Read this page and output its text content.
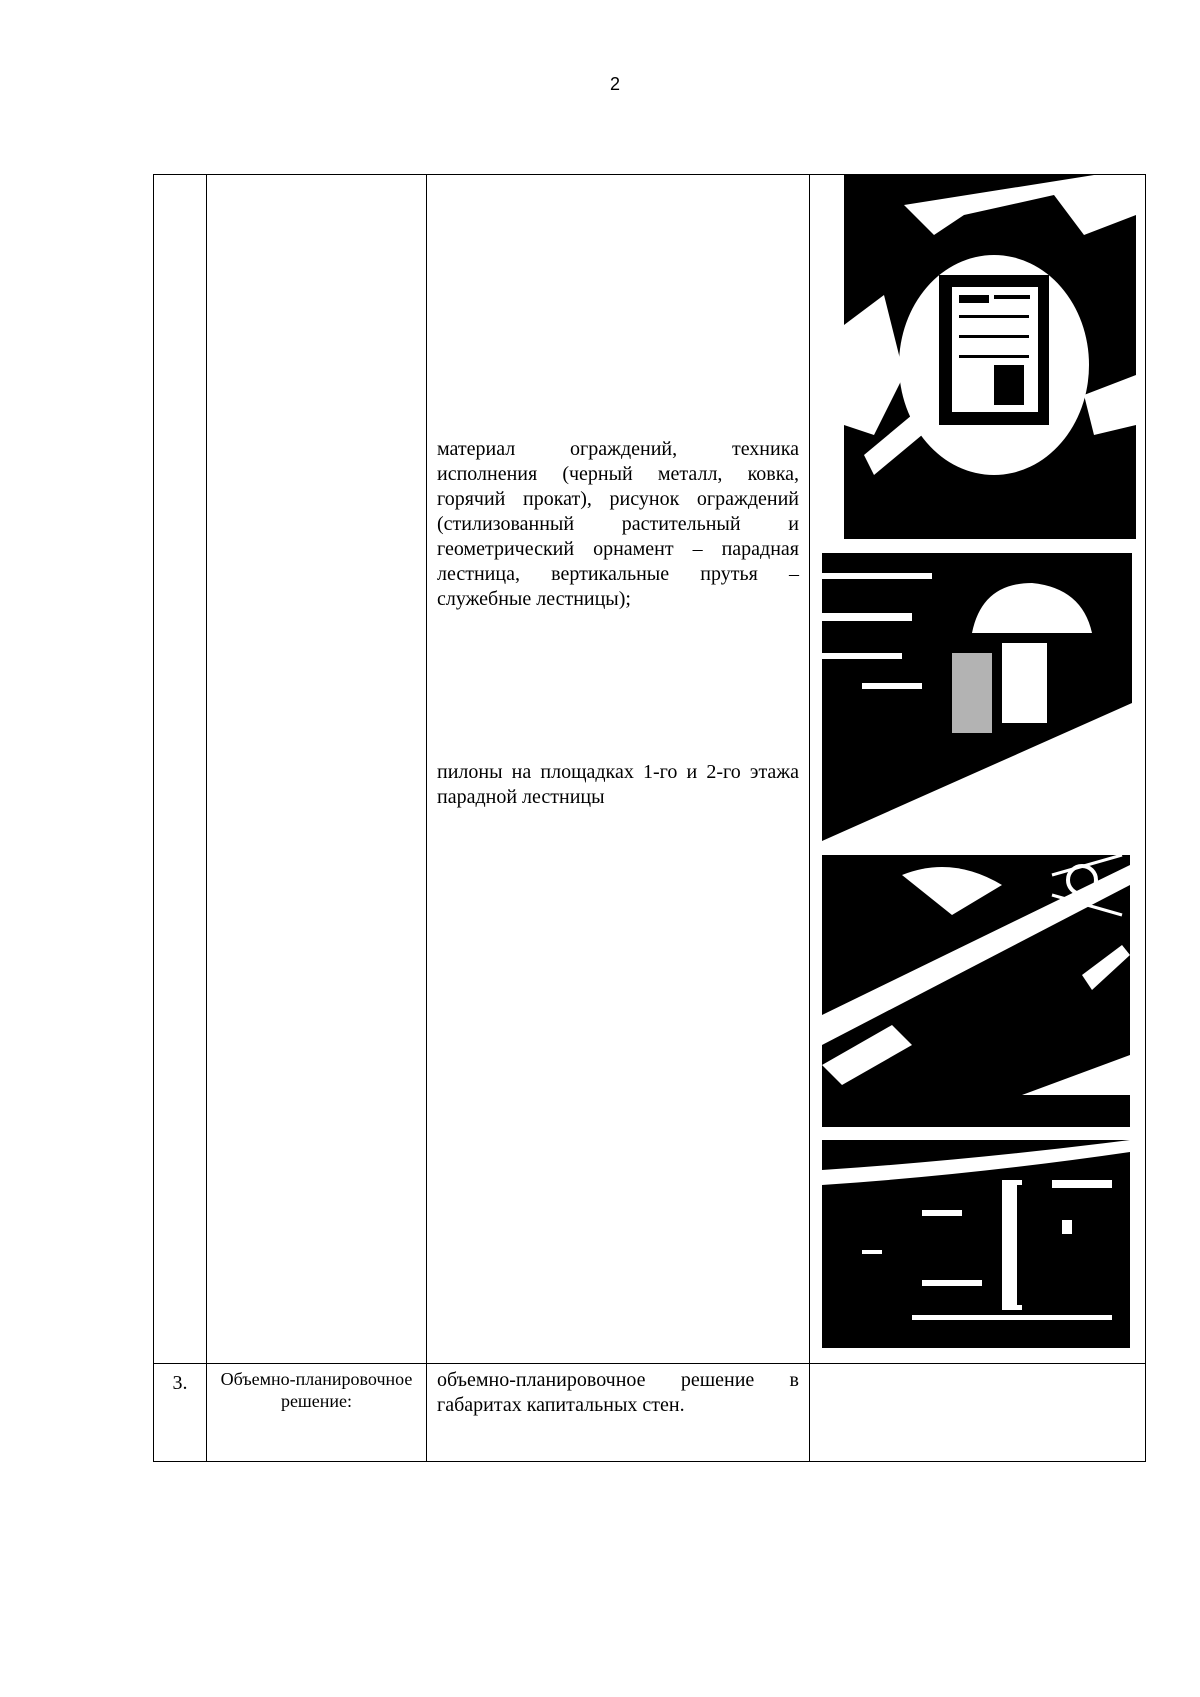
2

		материал ограждений, техника исполнения (черный металл, ковка, горячий прокат), рисунок ограждений (стилизованный растительный и геометрический орнамент – парадная лестница, вертикальные прутья – служебные лестницы);

пилоны на площадках 1-го и 2-го этажа парадной лестницы

3.	Объемно-планировочное решение:	объемно-планировочное решение в габаритах капитальных стен.	
